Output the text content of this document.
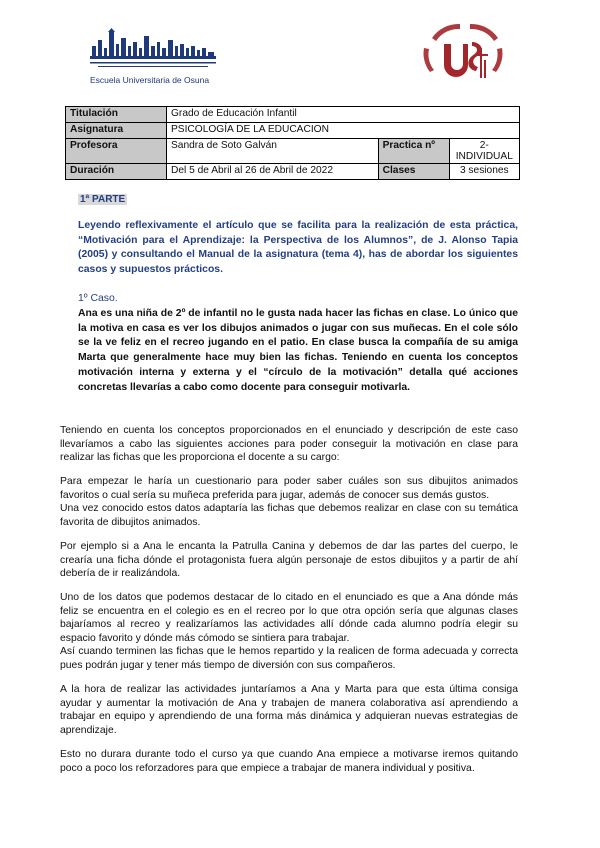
Escuela Universitaria de Osuna
Titulación	Grado de Educación Infantil		
Asignatura	PSICOLOGÍA DE LA EDUCACION		
Profesora	Sandra de Soto Galván	Practica nº	2-
INDIVIDUAL

Duración	Del 5 de Abril al 26 de Abril de 2022	Clases	3 sesiones
1ª PARTE
Leyendo reflexivamente el artículo que se facilita para la realización de esta práctica, “Motivación para el Aprendizaje: la Perspectiva de los Alumnos”, de J. Alonso Tapia (2005) y consultando el Manual de la asignatura (tema 4), has de abordar los siguientes casos y supuestos prácticos.
1º Caso.
Ana es una niña de 2º de infantil no le gusta nada hacer las fichas en clase. Lo único que la motiva en casa es ver los dibujos animados o jugar con sus muñecas. En el cole sólo se la ve feliz en el recreo jugando en el patio. En clase busca la compañía de su amiga Marta que generalmente hace muy bien las fichas. Teniendo en cuenta los conceptos motivación interna y externa y el “círculo de la motivación” detalla qué acciones concretas llevarías a cabo como docente para conseguir motivarla.
Teniendo en cuenta los conceptos proporcionados en el enunciado y descripción de este caso llevaríamos a cabo las siguientes acciones para poder conseguir la motivación en clase para realizar las fichas que les proporciona el docente a su cargo:
Para empezar le haría un cuestionario para poder saber cuáles son sus dibujitos animados favoritos o cual sería su muñeca preferida para jugar, además de conocer sus demás gustos.
Una vez conocido estos datos adaptaría las fichas que debemos realizar en clase con su temática favorita de dibujitos animados.
Por ejemplo si a Ana le encanta la Patrulla Canina y debemos de dar las partes del cuerpo, le crearía una ficha dónde el protagonista fuera algún personaje de estos dibujitos y a partir de ahí debería de ir realizándola.
Uno de los datos que podemos destacar de lo citado en el enunciado es que a Ana dónde más feliz se encuentra en el colegio es en el recreo por lo que otra opción sería que algunas clases bajaríamos al recreo y realizaríamos las actividades allí dónde cada alumno podría elegir su espacio favorito y dónde más cómodo se sintiera para trabajar.
Así cuando terminen las fichas que le hemos repartido y la realicen de forma adecuada y correcta pues podrán jugar y tener más tiempo de diversión con sus compañeros.
A la hora de realizar las actividades juntaríamos a Ana y Marta para que esta última consiga ayudar y aumentar la motivación de Ana y trabajen de manera colaborativa así aprendiendo a trabajar en equipo y aprendiendo de una forma más dinámica y adquieran nuevas estrategias de aprendizaje.
Esto no durara durante todo el curso ya que cuando Ana empiece a motivarse iremos quitando poco a poco los reforzadores para que empiece a trabajar de manera individual y positiva.
